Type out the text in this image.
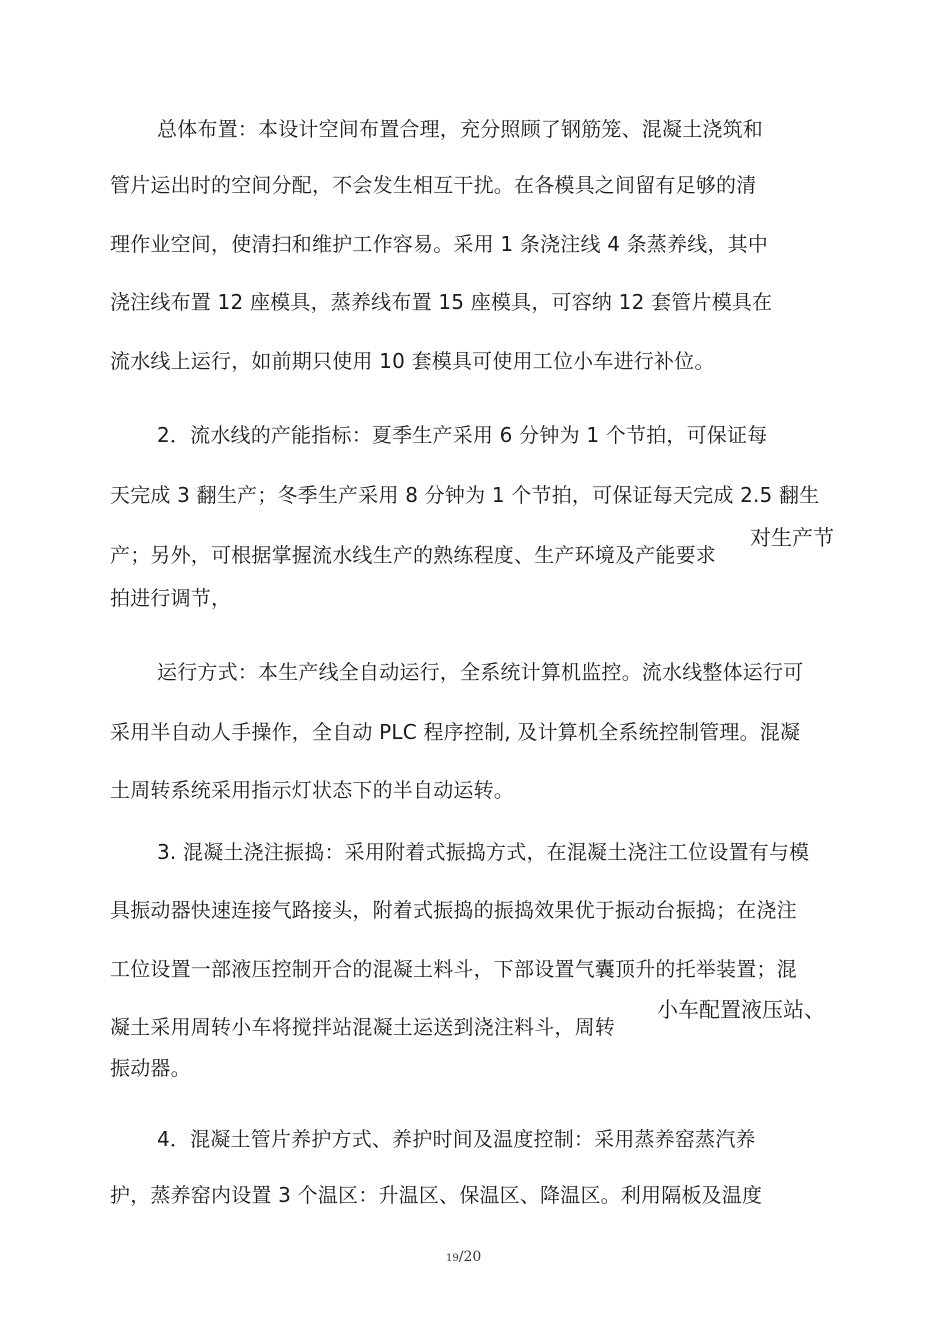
总体布置：本设计空间布置合理，充分照顾了钢筋笼、混凝土浇筑和
管片运出时的空间分配，不会发生相互干扰。在各模具之间留有足够的清
理作业空间，使清扫和维护工作容易。采用 1 条浇注线 4 条蒸养线，其中
浇注线布置 12 座模具，蒸养线布置 15 座模具，可容纳 12 套管片模具在
流水线上运行，如前期只使用 10 套模具可使用工位小车进行补位。
2．流水线的产能指标：夏季生产采用 6 分钟为 1 个节拍，可保证每
天完成 3 翻生产；冬季生产采用 8 分钟为 1 个节拍，可保证每天完成 2.5 翻生
产；另外，可根据掌握流水线生产的熟练程度、生产环境及产能要求
对生产节
拍进行调节，
运行方式：本生产线全自动运行，全系统计算机监控。流水线整体运行可
采用半自动人手操作，全自动 PLC 程序控制, 及计算机全系统控制管理。混凝
土周转系统采用指示灯状态下的半自动运转。
3. 混凝土浇注振捣：采用附着式振捣方式，在混凝土浇注工位设置有与模
具振动器快速连接气路接头，附着式振捣的振捣效果优于振动台振捣；在浇注
工位设置一部液压控制开合的混凝土料斗，下部设置气囊顶升的托举装置；混
凝土采用周转小车将搅拌站混凝土运送到浇注料斗，周转
小车配置液压站、
振动器。
4．混凝土管片养护方式、养护时间及温度控制：采用蒸养窑蒸汽养
护，蒸养窑内设置 3 个温区：升温区、保温区、降温区。利用隔板及温度
19/20
